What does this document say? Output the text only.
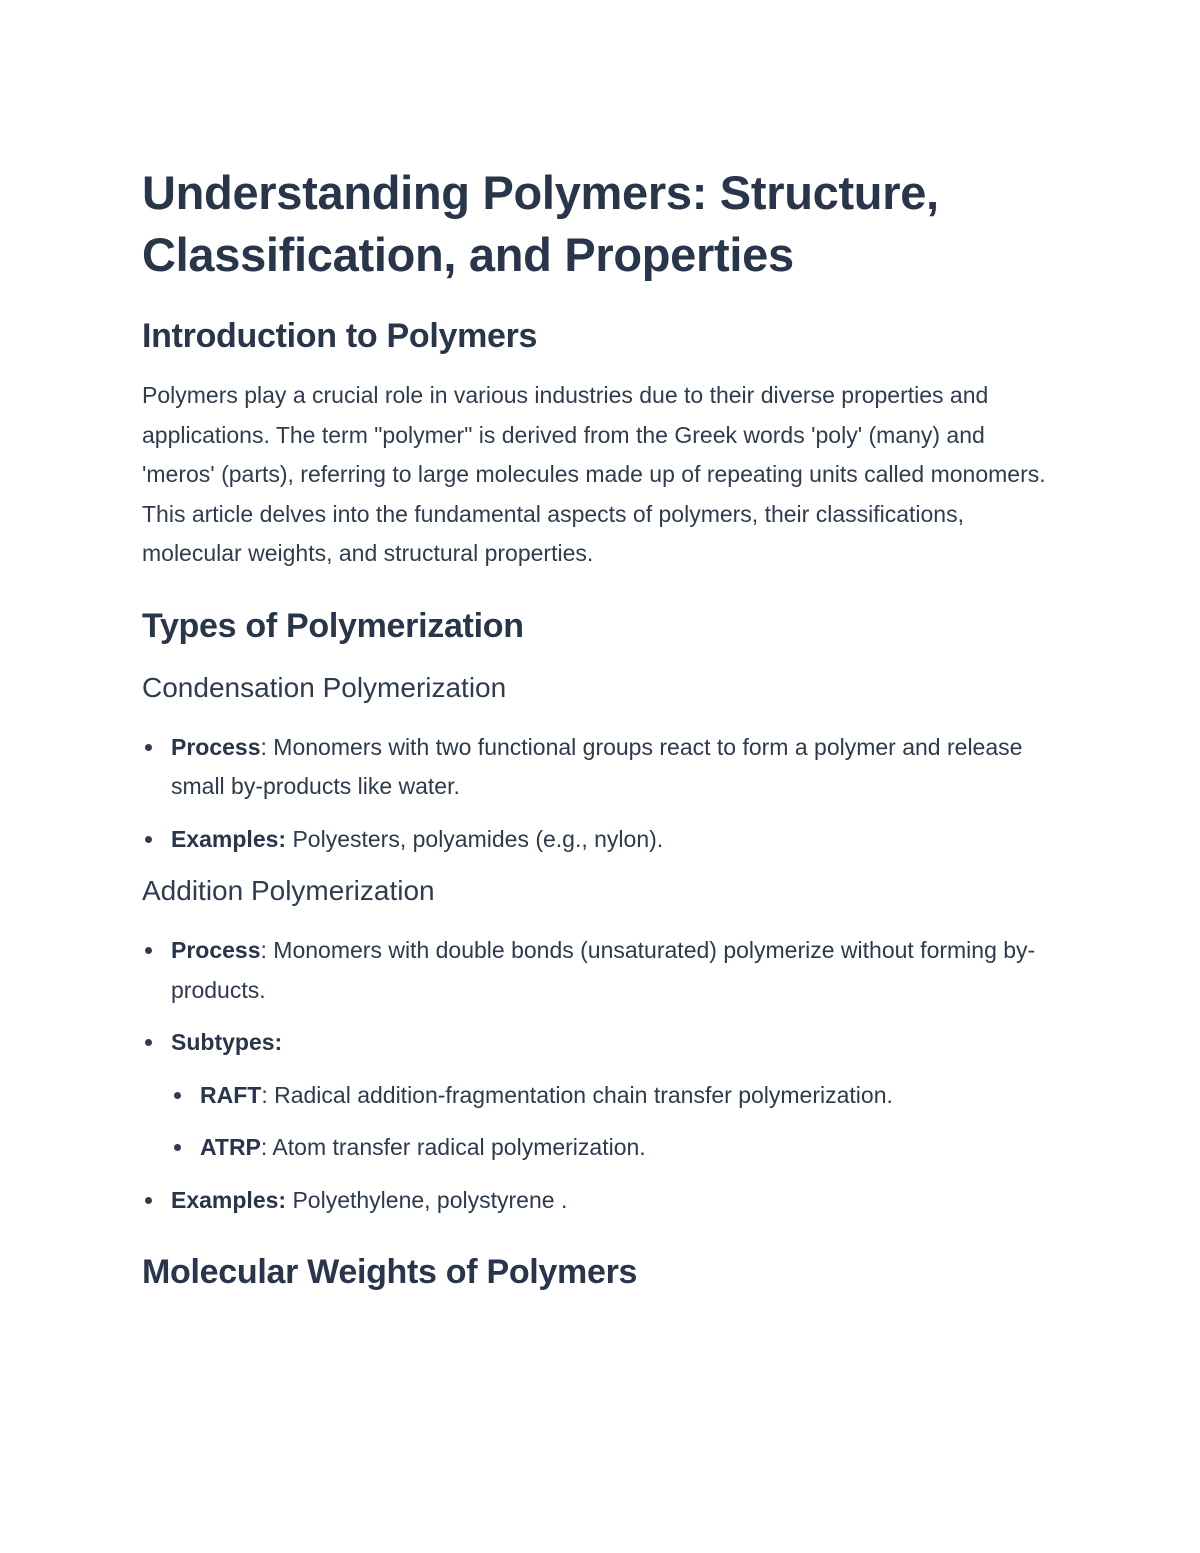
Understanding Polymers: Structure, Classification, and Properties
Introduction to Polymers

Polymers play a crucial role in various industries due to their diverse properties and applications. The term "polymer" is derived from the Greek words 'poly' (many) and 'meros' (parts), referring to large molecules made up of repeating units called monomers. This article delves into the fundamental aspects of polymers, their classifications, molecular weights, and structural properties.

Types of Polymerization
Condensation Polymerization
Process: Monomers with two functional groups react to form a polymer and release small by-products like water.
Examples: Polyesters, polyamides (e.g., nylon).
Addition Polymerization
Process: Monomers with double bonds (unsaturated) polymerize without forming by-products.
Subtypes:
RAFT: Radical addition-fragmentation chain transfer polymerization.
ATRP: Atom transfer radical polymerization.
Examples: Polyethylene, polystyrene .
Molecular Weights of Polymers
